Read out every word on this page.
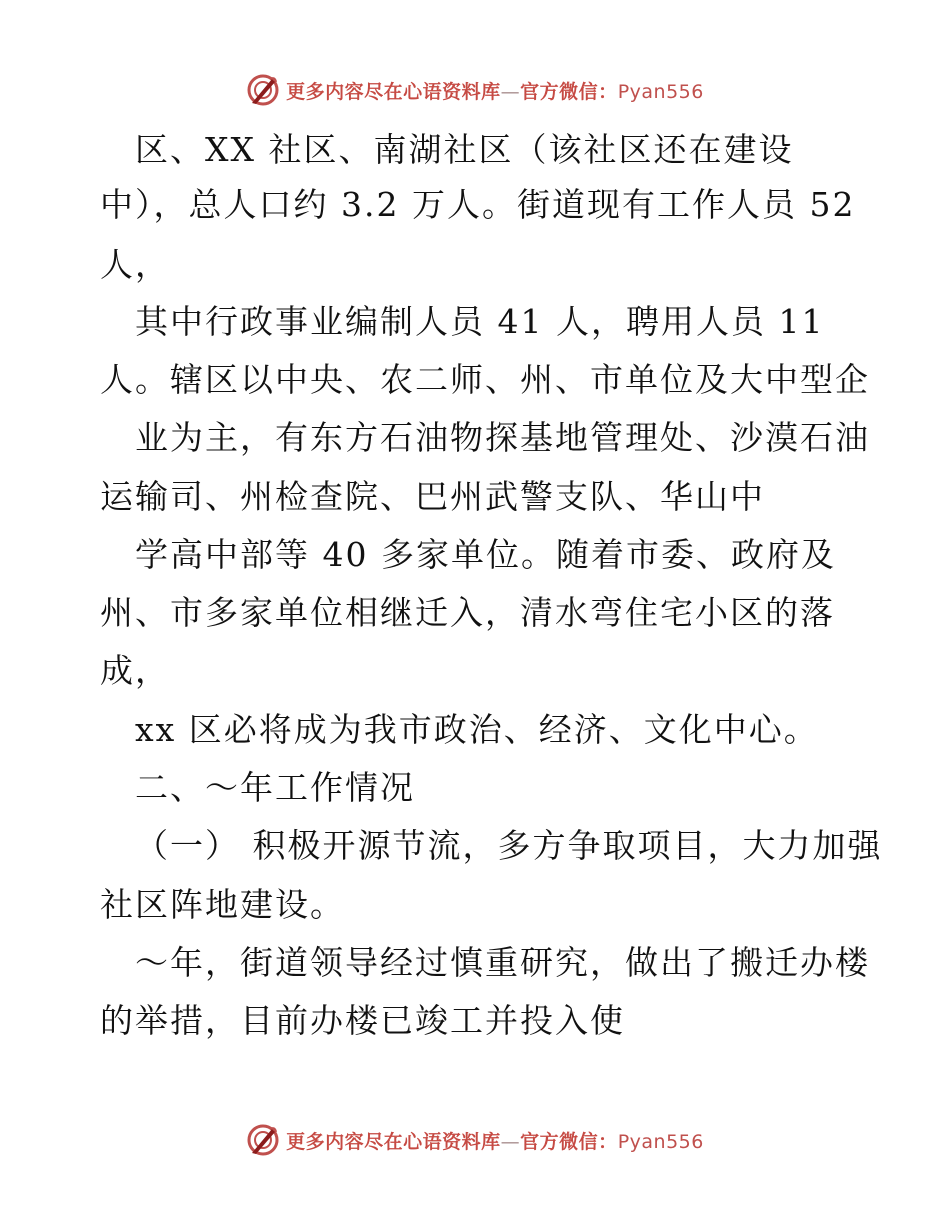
更多内容尽在心语资料库—官方微信：Pyan556
区、XX 社区、南湖社区（该社区还在建设
中），总人口约 3.2 万人。街道现有工作人员 52
人，
其中行政事业编制人员 41 人，聘用人员 11
人。辖区以中央、农二师、州、市单位及大中型企
业为主，有东方石油物探基地管理处、沙漠石油
运输司、州检查院、巴州武警支队、华山中
学高中部等 40 多家单位。随着市委、政府及
州、市多家单位相继迁入，清水弯住宅小区的落
成，
xx 区必将成为我市政治、经济、文化中心。
二、～年工作情况
（一） 积极开源节流，多方争取项目，大力加强
社区阵地建设。
～年，街道领导经过慎重研究，做出了搬迁办楼
的举措，目前办楼已竣工并投入使
更多内容尽在心语资料库—官方微信：Pyan556
